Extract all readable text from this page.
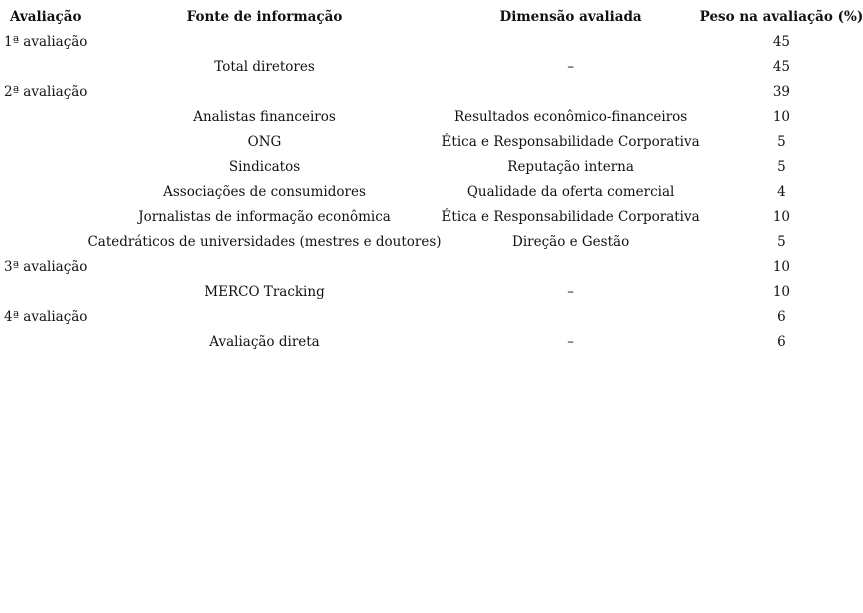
Avaliação	Fonte de informação	Dimensão avaliada	Peso na avaliação (%)
1ª avaliação			45
	Total diretores	–	45
2ª avaliação			39
	Analistas financeiros	Resultados econômico-financeiros	10
	ONG	Ética e Responsabilidade Corporativa	5
	Sindicatos	Reputação interna	5
	Associações de consumidores	Qualidade da oferta comercial	4
	Jornalistas de informação econômica	Ética e Responsabilidade Corporativa	10
	Catedráticos de universidades (mestres e doutores)	Direção e Gestão	5
3ª avaliação			10
	MERCO Tracking	–	10
4ª avaliação			6
	Avaliação direta	–	6
